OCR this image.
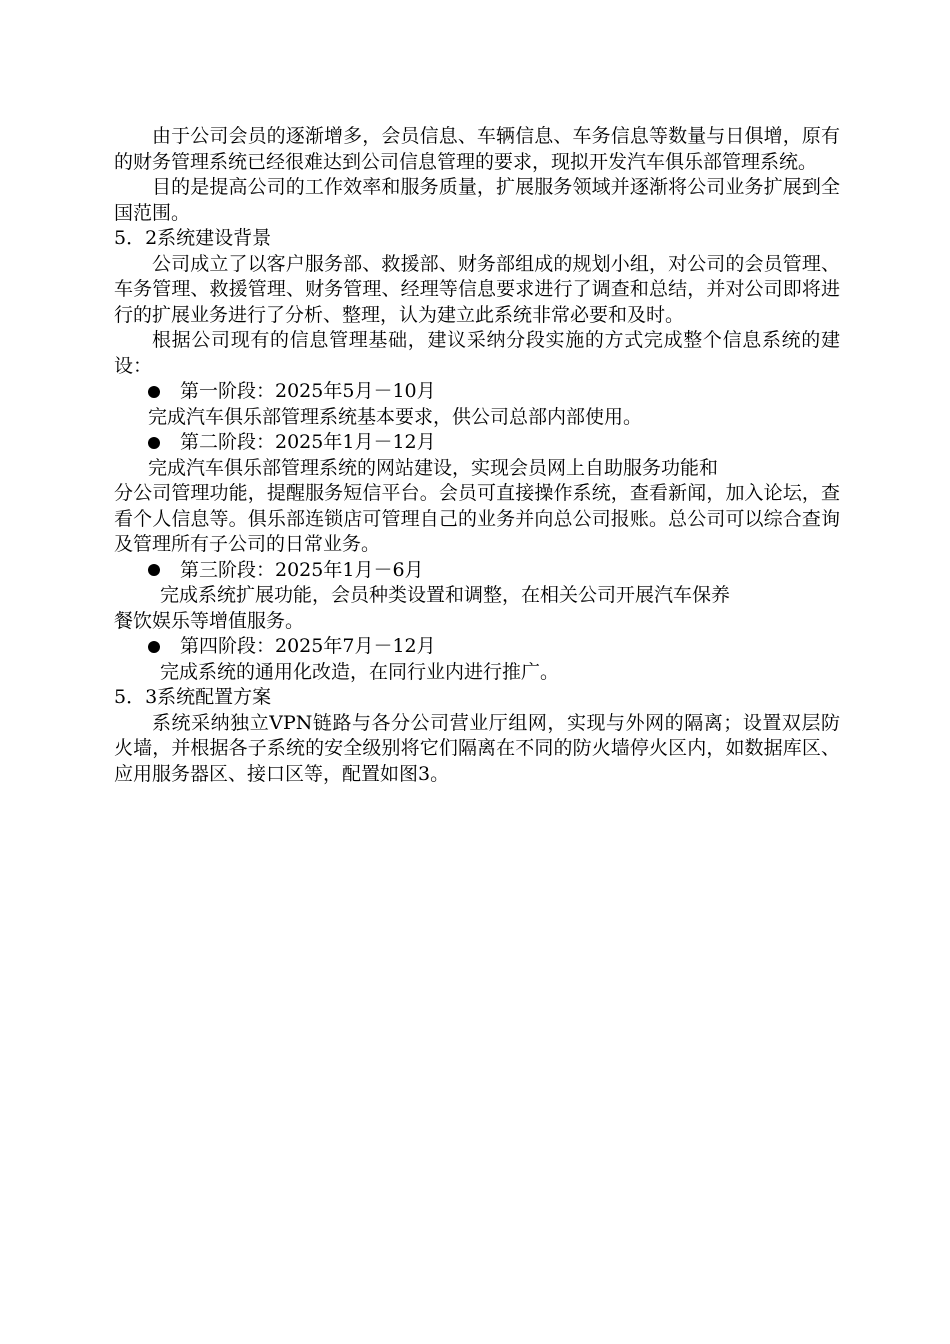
由于公司会员的逐渐增多，会员信息、车辆信息、车务信息等数量与日俱增，原有的财务管理系统已经很难达到公司信息管理的要求，现拟开发汽车俱乐部管理系统。

目的是提高公司的工作效率和服务质量，扩展服务领域并逐渐将公司业务扩展到全国范围。

5．2系统建设背景

公司成立了以客户服务部、救援部、财务部组成的规划小组，对公司的会员管理、车务管理、救援管理、财务管理、经理等信息要求进行了调查和总结，并对公司即将进行的扩展业务进行了分析、整理，认为建立此系统非常必要和及时。

根据公司现有的信息管理基础，建议采纳分段实施的方式完成整个信息系统的建设：

第一阶段：2025年5月－10月

完成汽车俱乐部管理系统基本要求，供公司总部内部使用。

第二阶段：2025年1月－12月

完成汽车俱乐部管理系统的网站建设，实现会员网上自助服务功能和

分公司管理功能，提醒服务短信平台。会员可直接操作系统，查看新闻，加入论坛，查看个人信息等。俱乐部连锁店可管理自己的业务并向总公司报账。总公司可以综合查询及管理所有子公司的日常业务。

第三阶段：2025年1月－6月

完成系统扩展功能，会员种类设置和调整，在相关公司开展汽车保养

餐饮娱乐等增值服务。

第四阶段：2025年7月－12月

完成系统的通用化改造，在同行业内进行推广。

5．3系统配置方案

系统采纳独立VPN链路与各分公司营业厅组网，实现与外网的隔离；设置双层防火墙，并根据各子系统的安全级别将它们隔离在不同的防火墙停火区内，如数据库区、应用服务器区、接口区等，配置如图3。
